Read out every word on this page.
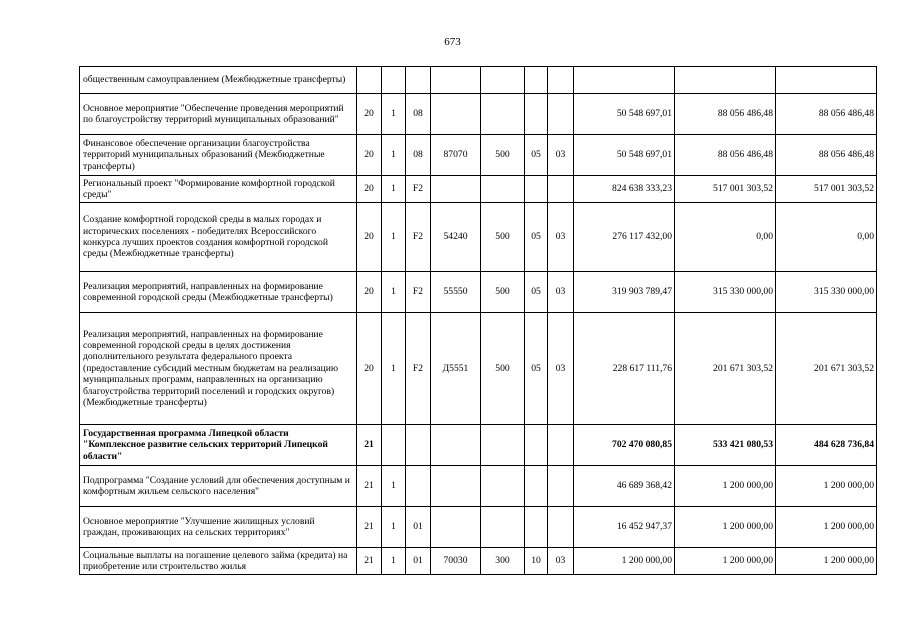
673
общественным самоуправлением (Межбюджетные трансферты)										
Основное мероприятие "Обеспечение проведения мероприятий по благоустройству территорий муниципальных образований"	20	1	08					50 548 697,01	88 056 486,48	88 056 486,48
Финансовое обеспечение организации благоустройства территорий муниципальных образований (Межбюджетные трансферты)	20	1	08	87070	500	05	03	50 548 697,01	88 056 486,48	88 056 486,48
Региональный проект "Формирование комфортной городской среды"	20	1	F2					824 638 333,23	517 001 303,52	517 001 303,52
Создание комфортной городской среды в малых городах и исторических поселениях - победителях Всероссийского конкурса лучших проектов создания комфортной городской среды (Межбюджетные трансферты)	20	1	F2	54240	500	05	03	276 117 432,00	0,00	0,00
Реализация мероприятий, направленных на формирование современной городской среды (Межбюджетные трансферты)	20	1	F2	55550	500	05	03	319 903 789,47	315 330 000,00	315 330 000,00
Реализация мероприятий, направленных на формирование современной городской среды в целях достижения дополнительного результата федерального проекта (предоставление субсидий местным бюджетам на реализацию муниципальных программ, направленных на организацию благоустройства территорий поселений и городских округов) (Межбюджетные трансферты)	20	1	F2	Д5551	500	05	03	228 617 111,76	201 671 303,52	201 671 303,52
Государственная программа Липецкой области "Комплексное развитие сельских территорий Липецкой области"	21							702 470 080,85	533 421 080,53	484 628 736,84
Подпрограмма "Создание условий для обеспечения доступным и комфортным жильем сельского населения"	21	1						46 689 368,42	1 200 000,00	1 200 000,00
Основное мероприятие "Улучшение жилищных условий граждан, проживающих на сельских территориях"	21	1	01					16 452 947,37	1 200 000,00	1 200 000,00
Социальные выплаты на погашение целевого займа (кредита) на приобретение или строительство жилья	21	1	01	70030	300	10	03	1 200 000,00	1 200 000,00	1 200 000,00
